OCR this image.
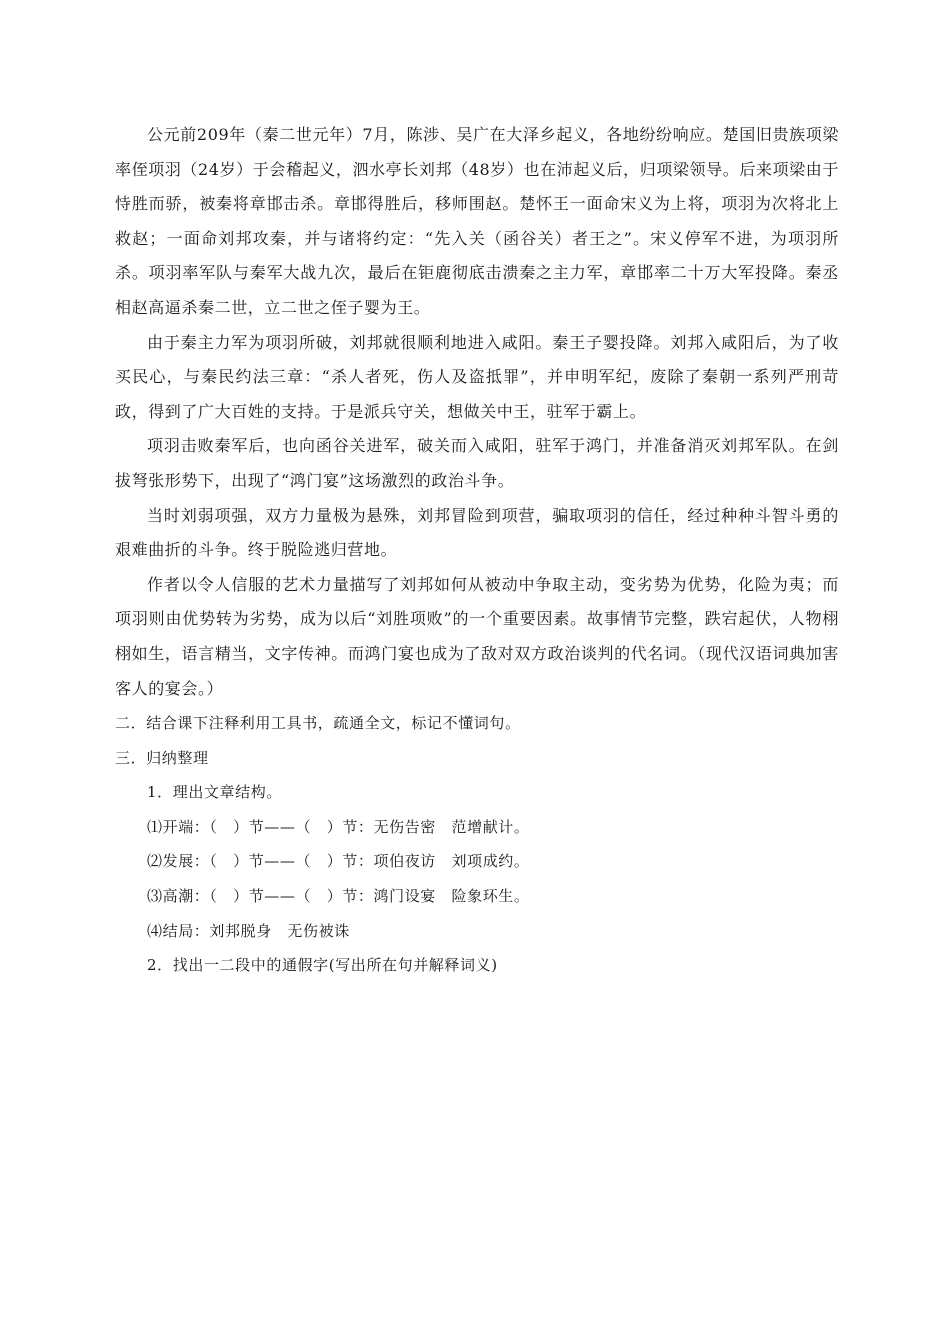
公元前209年（秦二世元年）7月，陈涉、吴广在大泽乡起义，各地纷纷响应。楚国旧贵族项梁率侄项羽（24岁）于会稽起义，泗水亭长刘邦（48岁）也在沛起义后，归项梁领导。后来项梁由于恃胜而骄，被秦将章邯击杀。章邯得胜后，移师围赵。楚怀王一面命宋义为上将，项羽为次将北上救赵；一面命刘邦攻秦，并与诸将约定：“先入关（函谷关）者王之”。宋义停军不进，为项羽所杀。项羽率军队与秦军大战九次，最后在钜鹿彻底击溃秦之主力军，章邯率二十万大军投降。秦丞相赵高逼杀秦二世，立二世之侄子婴为王。

由于秦主力军为项羽所破，刘邦就很顺利地进入咸阳。秦王子婴投降。刘邦入咸阳后，为了收买民心，与秦民约法三章：“杀人者死，伤人及盗抵罪”，并申明军纪，废除了秦朝一系列严刑苛政，得到了广大百姓的支持。于是派兵守关，想做关中王，驻军于霸上。

项羽击败秦军后，也向函谷关进军，破关而入咸阳，驻军于鸿门，并准备消灭刘邦军队。在剑拔弩张形势下，出现了“鸿门宴”这场激烈的政治斗争。

当时刘弱项强，双方力量极为悬殊，刘邦冒险到项营，骗取项羽的信任，经过种种斗智斗勇的艰难曲折的斗争。终于脱险逃归营地。

作者以令人信服的艺术力量描写了刘邦如何从被动中争取主动，变劣势为优势，化险为夷；而项羽则由优势转为劣势，成为以后“刘胜项败”的一个重要因素。故事情节完整，跌宕起伏，人物栩栩如生，语言精当，文字传神。而鸿门宴也成为了敌对双方政治谈判的代名词。（现代汉语词典加害客人的宴会。）

二．结合课下注释利用工具书，疏通全文，标记不懂词句。

三．归纳整理

1．理出文章结构。

⑴开端：（　）节——（　）节：无伤告密　范增献计。

⑵发展：（　）节——（　）节：项伯夜访　刘项成约。

⑶高潮：（　）节——（　）节：鸿门设宴　险象环生。

⑷结局：刘邦脱身　无伤被诛

2．找出一二段中的通假字(写出所在句并解释词义)
